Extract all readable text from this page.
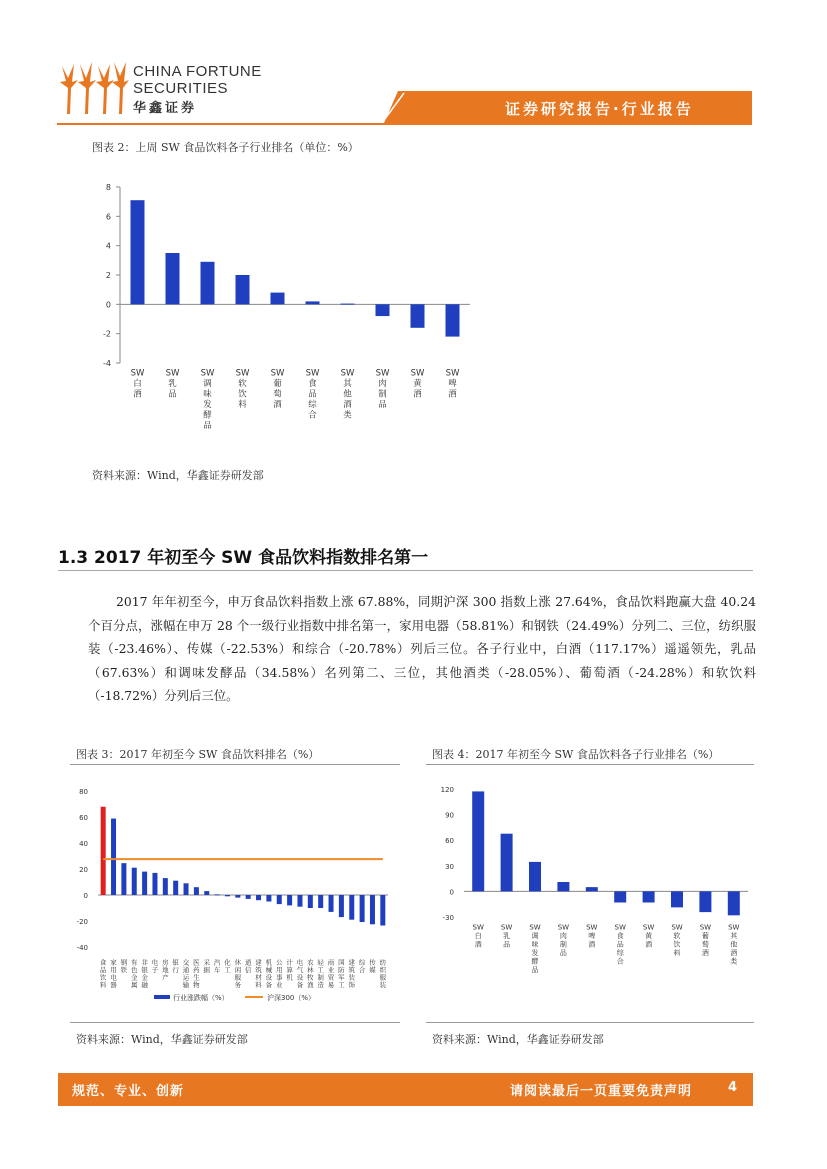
CHINA FORTUNE
SECURITIES
华鑫证券	证券研究报告·行业报告
图表 2：上周 SW 食品饮料各子行业排名（单位：%）
-4
-2
0
2
4
6
8
SW 白酒
SW 乳品
SW 调味发酵品
SW 软饮料
SW 葡萄酒
SW 食品综合
SW 其他酒类
SW 肉制品
SW 黄酒
SW 啤酒
资料来源：Wind，华鑫证券研发部
1.3 2017 年初至今 SW 食品饮料指数排名第一

2017 年年初至今，申万食品饮料指数上涨 67.88%，同期沪深 300 指数上涨 27.64%，食品饮料跑赢大盘 40.24 个百分点，涨幅在申万 28 个一级行业指数中排名第一，家用电器（58.81%）和钢铁（24.49%）分列二、三位，纺织服装（-23.46%）、传媒（-22.53%）和综合（-20.78%）列后三位。各子行业中，白酒（117.17%）遥遥领先，乳品（67.63%）和调味发酵品（34.58%）名列第二、三位，其他酒类（-28.05%）、葡萄酒（-24.28%）和软饮料（-18.72%）分列后三位。

图表 3：2017 年初至今 SW 食品饮料排名（%）
-40
-20
0
20
40
60
80
食品饮料
家用电器
钢铁
有色金属
非银金融
电子
房地产
银行
交通运输
医药生物
采掘
汽车
化工
休闲服务
通信
建筑材料
机械设备
公用事业
计算机
电气设备
农林牧渔
轻工制造
商业贸易
国防军工
建筑装饰
综合
传媒
纺织服装
行业涨跌幅（%）	沪深300（%）
资料来源：Wind，华鑫证券研发部
图表 4：2017 年初至今 SW 食品饮料各子行业排名（%）
-30
0
30
60
90
120
SW 白酒
SW 乳品
SW 调味发酵品
SW 肉制品
SW 啤酒
SW 食品综合
SW 黄酒
SW 软饮料
SW 葡萄酒
SW 其他酒类
资料来源：Wind，华鑫证券研发部
规范、专业、创新	请阅读最后一页重要免责声明	4
